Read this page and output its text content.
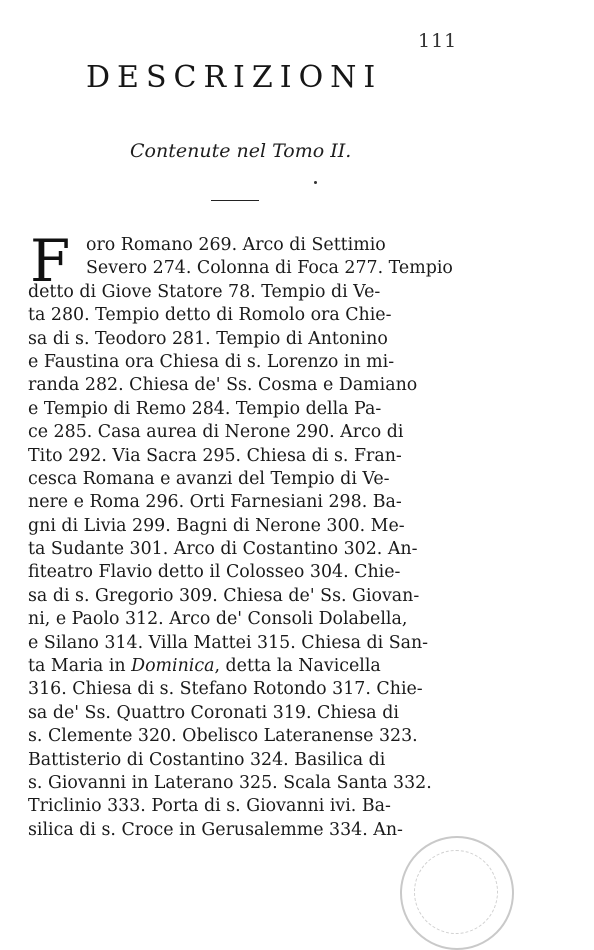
111
DESCRIZIONI
Contenute nel Tomo II.
F oro Romano 269. Arco di Settimio
Severo 274. Colonna di Foca 277. Tempio
detto di Giove Statore 78. Tempio di Ve-
ta 280. Tempio detto di Romolo ora Chie-
sa di s. Teodoro 281. Tempio di Antonino
e Faustina ora Chiesa di s. Lorenzo in mi-
randa 282. Chiesa de' Ss. Cosma e Damiano
e Tempio di Remo 284. Tempio della Pa-
ce 285. Casa aurea di Nerone 290. Arco di
Tito 292. Via Sacra 295. Chiesa di s. Fran-
cesca Romana e avanzi del Tempio di Ve-
nere e Roma 296. Orti Farnesiani 298. Ba-
gni di Livia 299. Bagni di Nerone 300. Me-
ta Sudante 301. Arco di Costantino 302. An-
fiteatro Flavio detto il Colosseo 304. Chie-
sa di s. Gregorio 309. Chiesa de' Ss. Giovan-
ni, e Paolo 312. Arco de' Consoli Dolabella,
e Silano 314. Villa Mattei 315. Chiesa di San-
ta Maria in Dominica, detta la Navicella
316. Chiesa di s. Stefano Rotondo 317. Chie-
sa de' Ss. Quattro Coronati 319. Chiesa di
s. Clemente 320. Obelisco Lateranense 323.
Battisterio di Costantino 324. Basilica di
s. Giovanni in Laterano 325. Scala Santa 332.
Triclinio 333. Porta di s. Giovanni ivi. Ba-
silica di s. Croce in Gerusalemme 334. An-
